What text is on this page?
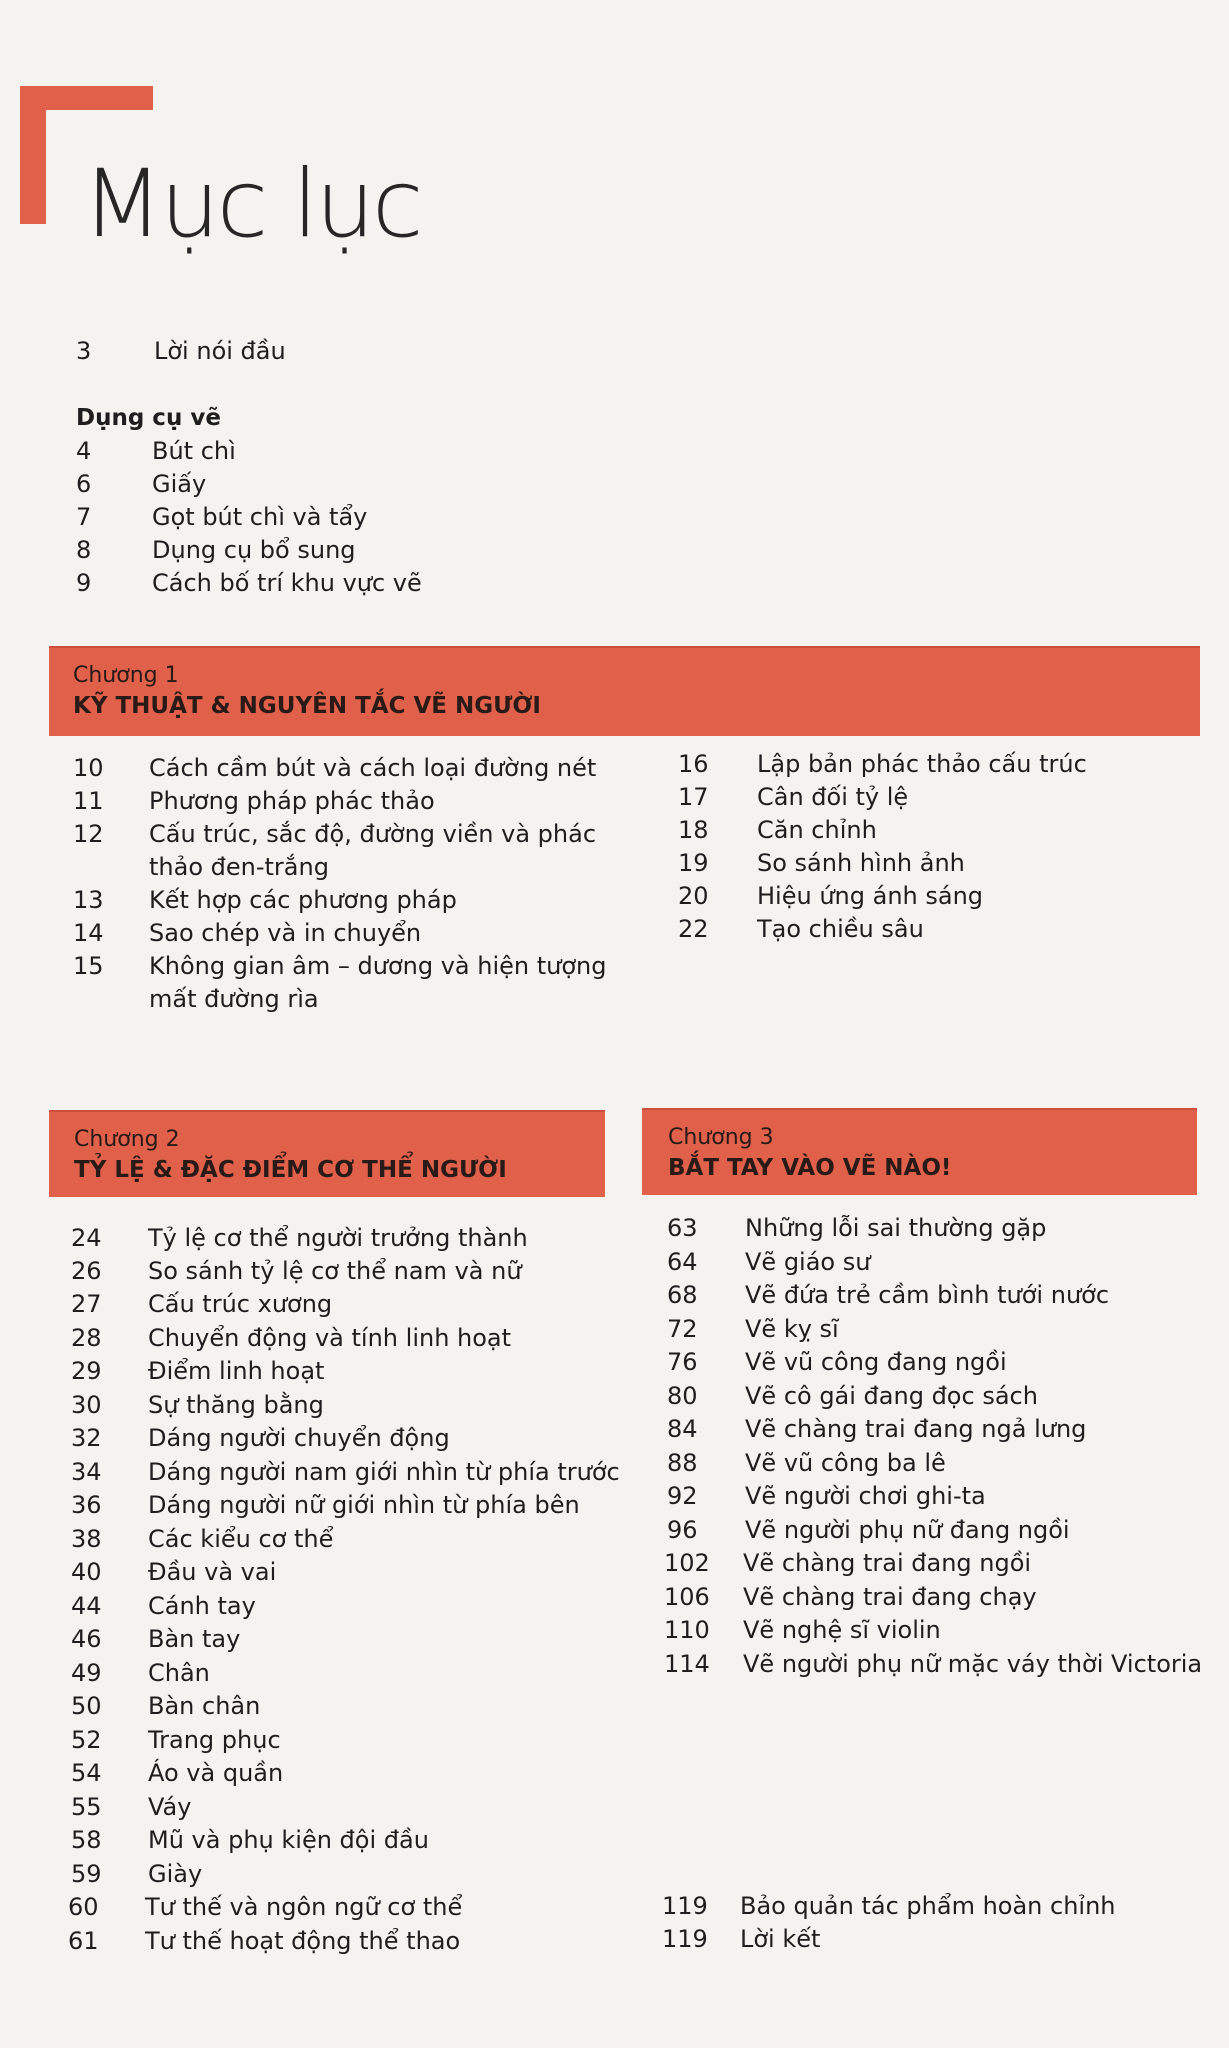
Mục lục
3	Lời nói đầu
Dụng cụ vẽ
4	Bút chì
6	Giấy
7	Gọt bút chì và tẩy
8	Dụng cụ bổ sung
9	Cách bố trí khu vực vẽ
Chương 1
KỸ THUẬT & NGUYÊN TẮC VẼ NGƯỜI
10 Cách cầm bút và cách loại đường nét
11 Phương pháp phác thảo
12 Cấu trúc, sắc độ, đường viền và phác
thảo đen-trắng
13 Kết hợp các phương pháp
14 Sao chép và in chuyển
15 Không gian âm – dương và hiện tượng
mất đường rìa
16 Lập bản phác thảo cấu trúc
17 Cân đối tỷ lệ
18 Căn chỉnh
19 So sánh hình ảnh
20 Hiệu ứng ánh sáng
22 Tạo chiều sâu
Chương 2
TỶ LỆ & ĐẶC ĐIỂM CƠ THỂ NGƯỜI
Chương 3
BẮT TAY VÀO VẼ NÀO!
24 Tỷ lệ cơ thể người trưởng thành
26 So sánh tỷ lệ cơ thể nam và nữ
27 Cấu trúc xương
28 Chuyển động và tính linh hoạt
29 Điểm linh hoạt
30 Sự thăng bằng
32 Dáng người chuyển động
34 Dáng người nam giới nhìn từ phía trước
36 Dáng người nữ giới nhìn từ phía bên
38 Các kiểu cơ thể
40 Đầu và vai
44 Cánh tay
46 Bàn tay
49 Chân
50 Bàn chân
52 Trang phục
54 Áo và quần
55 Váy
58 Mũ và phụ kiện đội đầu
59 Giày
60 Tư thế và ngôn ngữ cơ thể
61 Tư thế hoạt động thể thao
63 Những lỗi sai thường gặp
64 Vẽ giáo sư
68 Vẽ đứa trẻ cầm bình tưới nước
72 Vẽ kỵ sĩ
76 Vẽ vũ công đang ngồi
80 Vẽ cô gái đang đọc sách
84 Vẽ chàng trai đang ngả lưng
88 Vẽ vũ công ba lê
92 Vẽ người chơi ghi-ta
96 Vẽ người phụ nữ đang ngồi
102 Vẽ chàng trai đang ngồi
106 Vẽ chàng trai đang chạy
110 Vẽ nghệ sĩ violin
114 Vẽ người phụ nữ mặc váy thời Victoria
119 Bảo quản tác phẩm hoàn chỉnh
119 Lời kết
